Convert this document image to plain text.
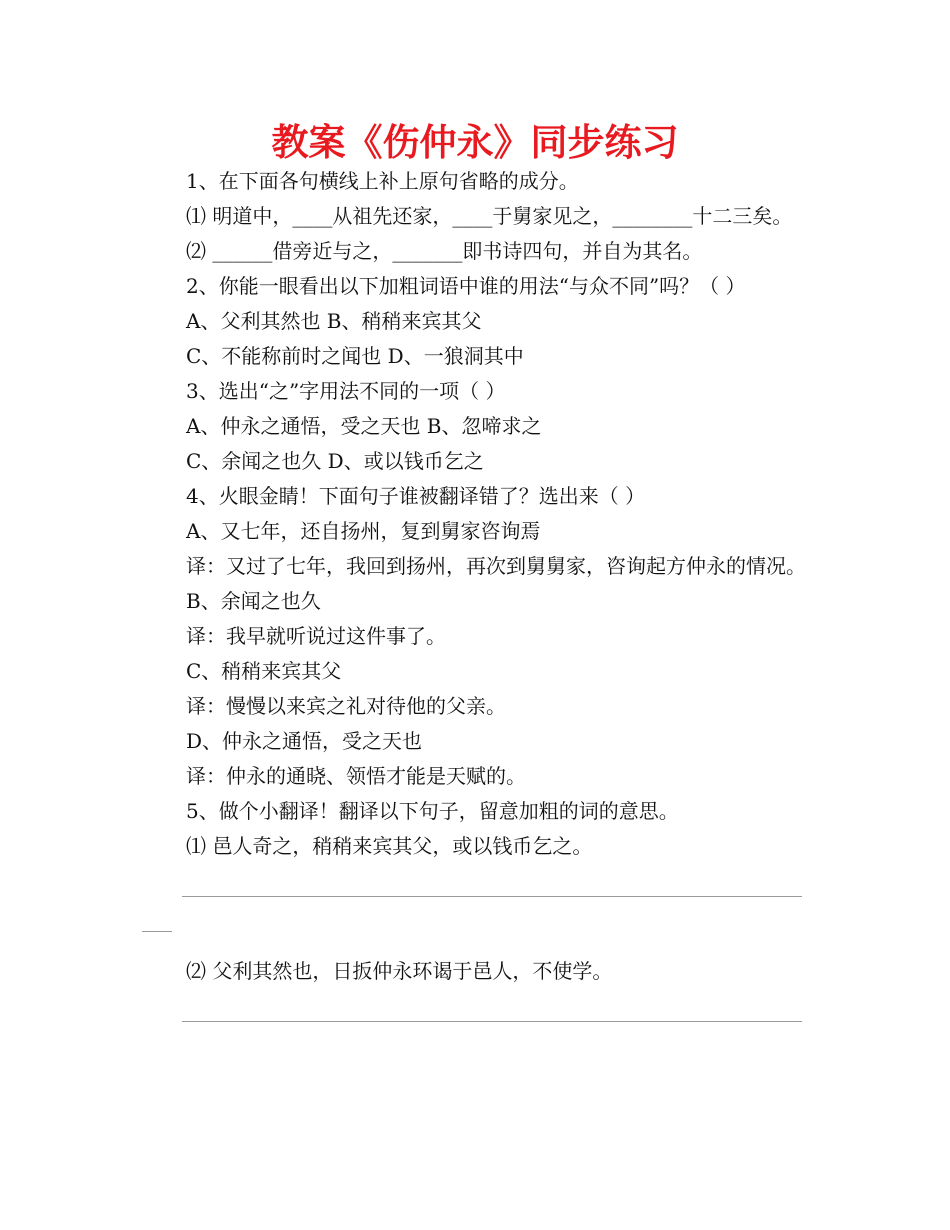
教案《伤仲永》同步练习

1、在下面各句横线上补上原句省略的成分。

⑴ 明道中，____从祖先还家，____于舅家见之，________十二三矣。

⑵ ______借旁近与之，_______即书诗四句，并自为其名。

2、你能一眼看出以下加粗词语中谁的用法“与众不同”吗？（ ）

A、父利其然也 B、稍稍来宾其父

C、不能称前时之闻也 D、一狼洞其中

3、选出“之”字用法不同的一项（ ）

A、仲永之通悟，受之天也 B、忽啼求之

C、余闻之也久 D、或以钱币乞之

4、火眼金睛！下面句子谁被翻译错了？选出来（ ）

A、又七年，还自扬州，复到舅家咨询焉

译：又过了七年，我回到扬州，再次到舅舅家，咨询起方仲永的情况。

B、余闻之也久

译：我早就听说过这件事了。

C、稍稍来宾其父

译：慢慢以来宾之礼对待他的父亲。

D、仲永之通悟，受之天也

译：仲永的通晓、领悟才能是天赋的。

5、做个小翻译！翻译以下句子，留意加粗的词的意思。

⑴ 邑人奇之，稍稍来宾其父，或以钱币乞之。

⑵ 父利其然也，日扳仲永环谒于邑人，不使学。
